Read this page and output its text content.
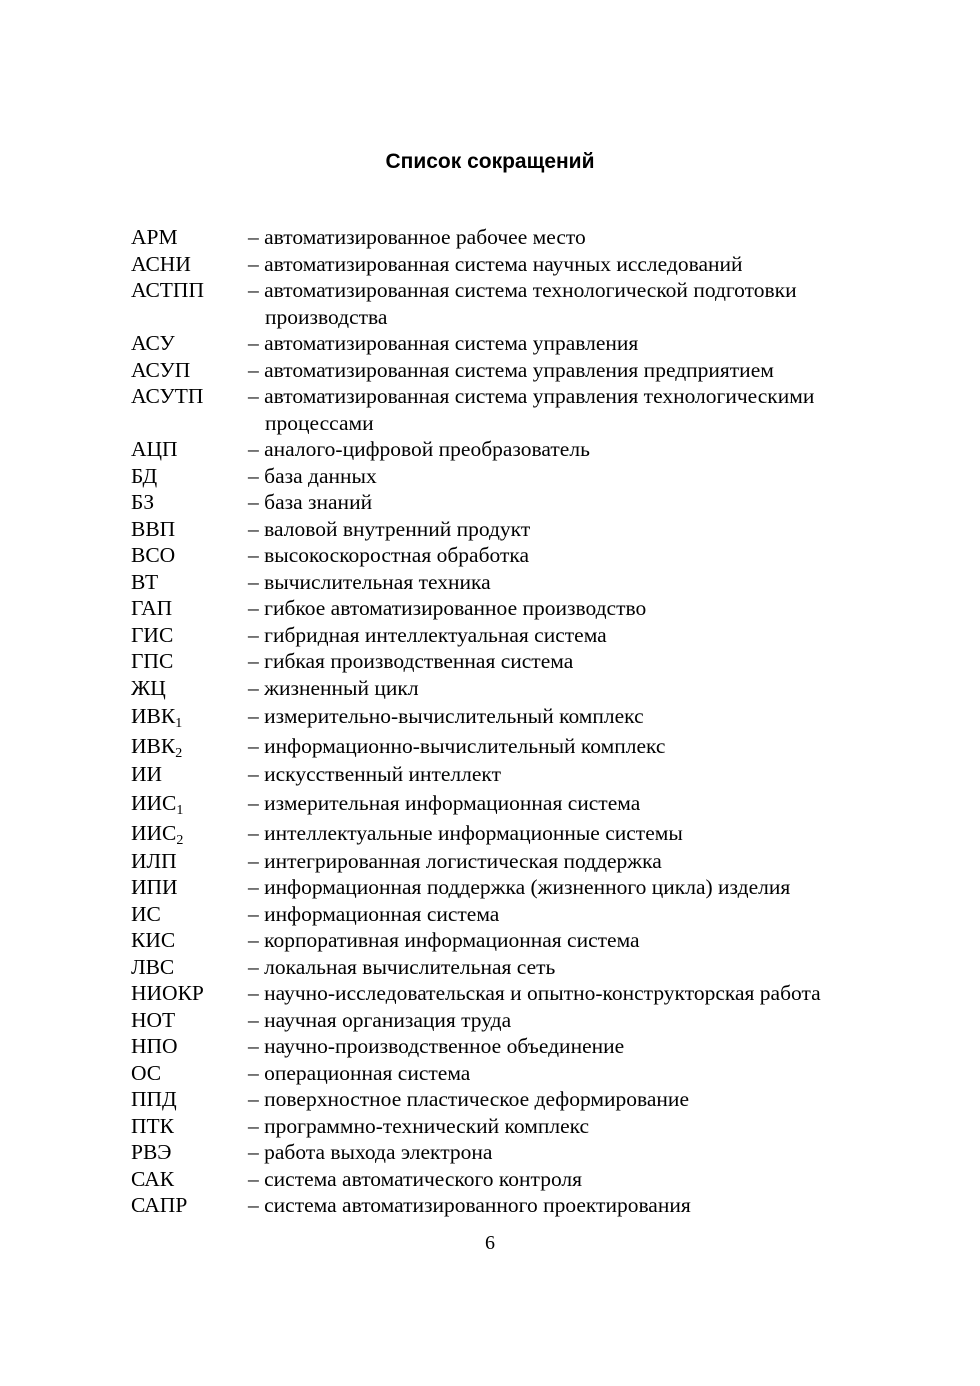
Список сокращений
АРМ	– автоматизированное рабочее место
АСНИ	– автоматизированная система научных исследований
АСТПП	– автоматизированная система технологической подготовки производства
АСУ	– автоматизированная система управления
АСУП	– автоматизированная система управления предприятием
АСУТП	– автоматизированная система управления технологическими процессами
АЦП	– аналого-цифровой преобразователь
БД	– база данных
БЗ	– база знаний
ВВП	– валовой внутренний продукт
ВСО	– высокоскоростная обработка
ВТ	– вычислительная техника
ГАП	– гибкое автоматизированное производство
ГИС	– гибридная интеллектуальная система
ГПС	– гибкая производственная система
ЖЦ	– жизненный цикл
$ИВК_1$	– измерительно-вычислительный комплекс
$ИВК_2$	– информационно-вычислительный комплекс
ИИ	– искусственный интеллект
$ИИС_1$	– измерительная информационная система
$ИИС_2$	– интеллектуальные информационные системы
ИЛП	– интегрированная логистическая поддержка
ИПИ	– информационная поддержка (жизненного цикла) изделия
ИС	– информационная система
КИС	– корпоративная информационная система
ЛВС	– локальная вычислительная сеть
НИОКР	– научно-исследовательская и опытно-конструкторская работа
НОТ	– научная организация труда
НПО	– научно-производственное объединение
ОС	– операционная система
ППД	– поверхностное пластическое деформирование
ПТК	– программно-технический комплекс
РВЭ	– работа выхода электрона
САК	– система автоматического контроля
САПР	– система автоматизированного проектирования
6
